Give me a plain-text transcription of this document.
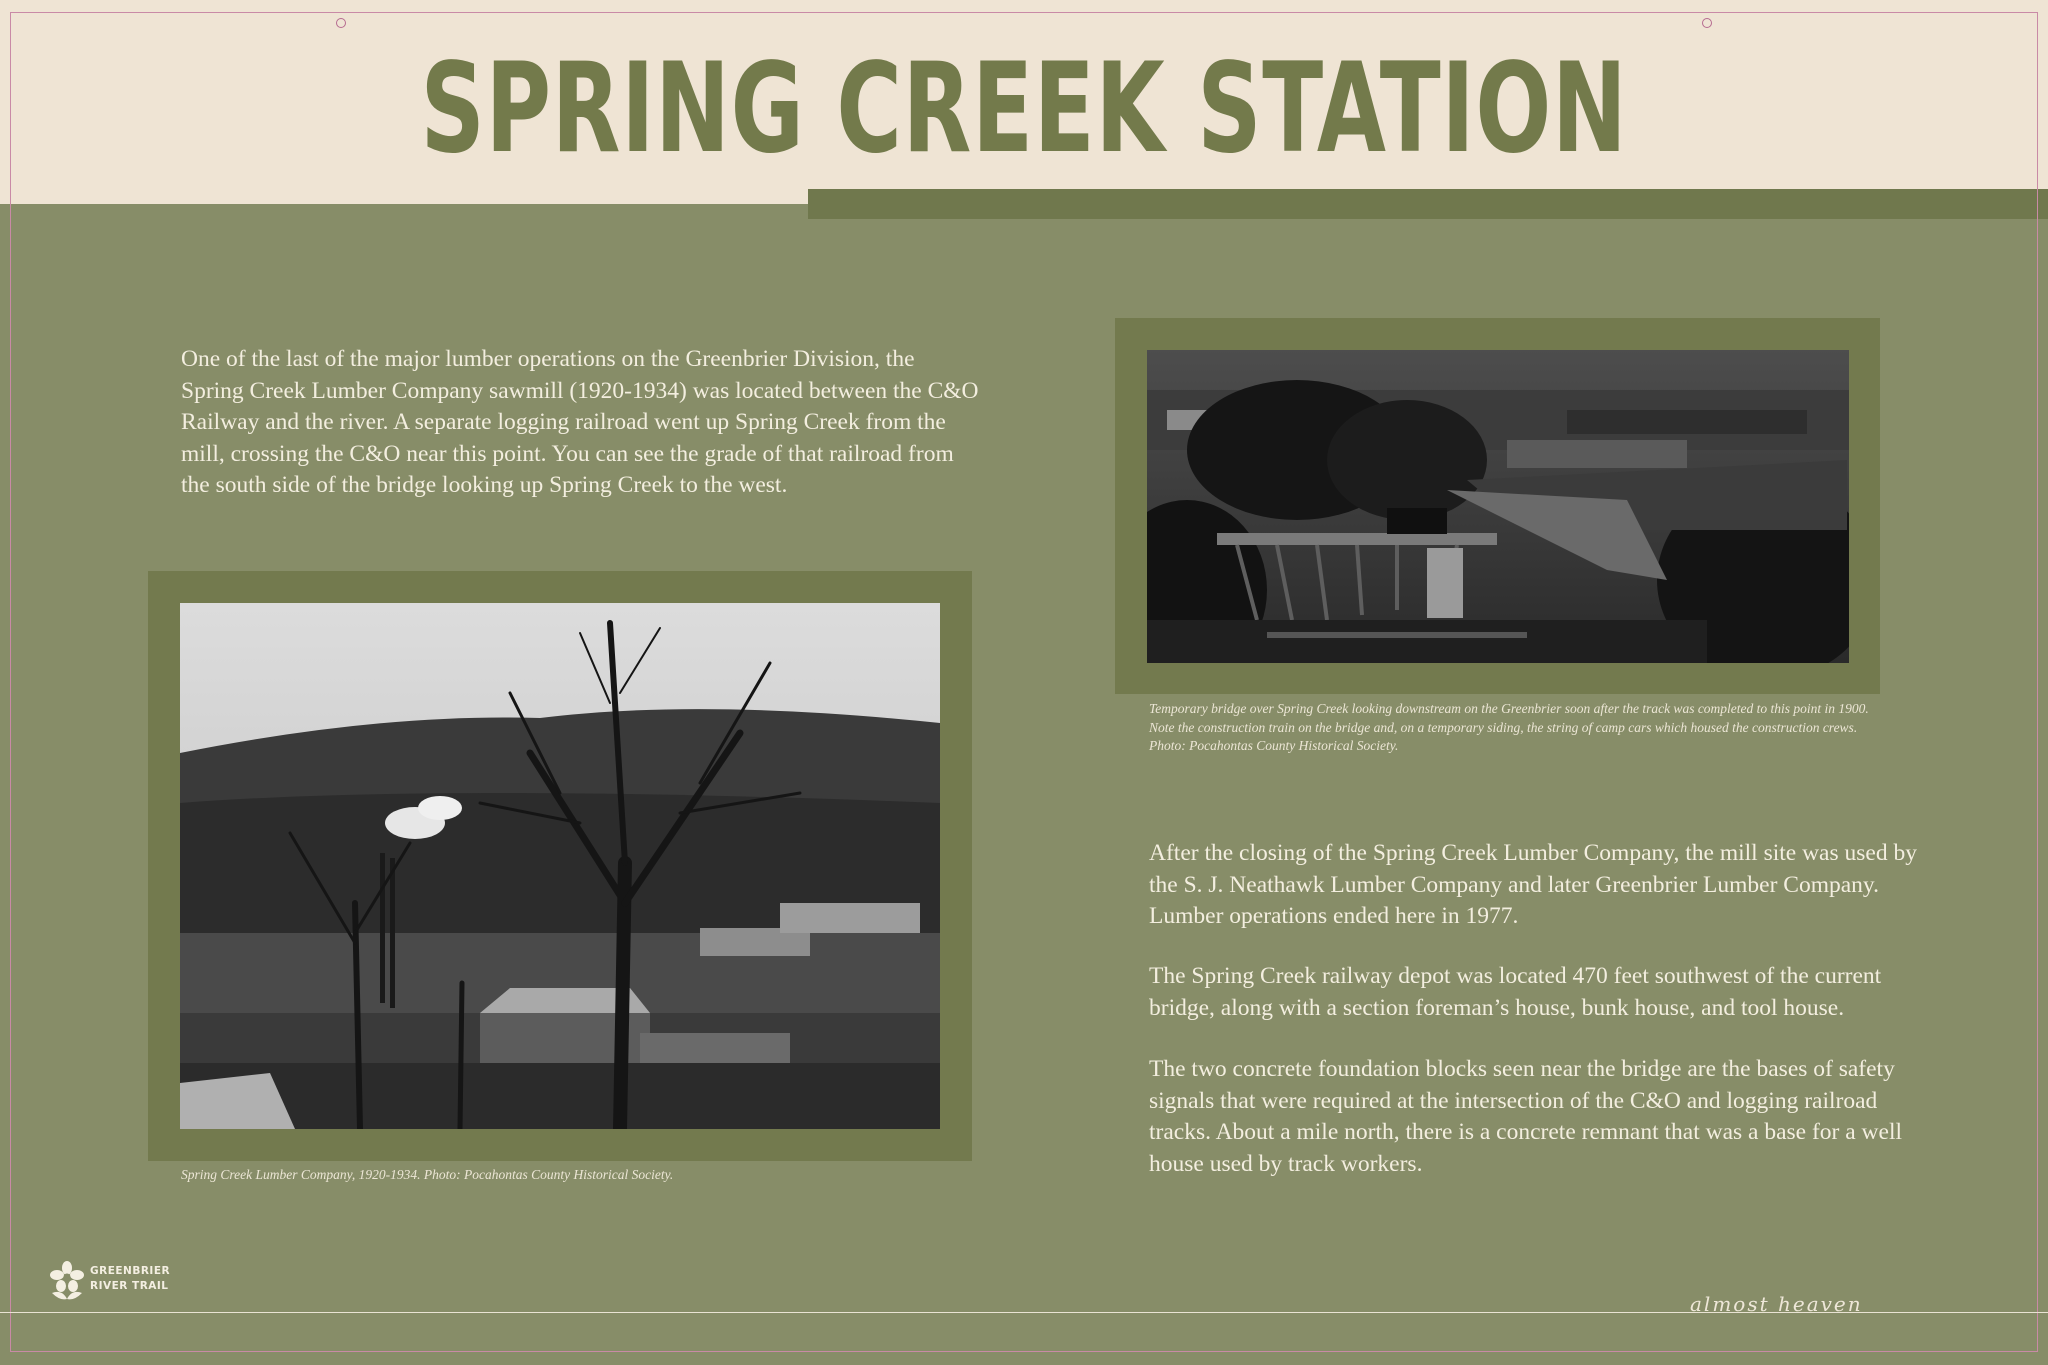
SPRING CREEK STATION

One of the last of the major lumber operations on the Greenbrier Division, the Spring Creek Lumber Company sawmill (1920-1934) was located between the C&O Railway and the river. A separate logging railroad went up Spring Creek from the mill, crossing the C&O near this point. You can see the grade of that railroad from the south side of the bridge looking up Spring Creek to the west.

Temporary bridge over Spring Creek looking downstream on the Greenbrier soon after the track was completed to this point in 1900. Note the construction train on the bridge and, on a temporary siding, the string of camp cars which housed the construction crews. Photo: Pocahontas County Historical Society.

Spring Creek Lumber Company, 1920-1934. Photo: Pocahontas County Historical Society.

After the closing of the Spring Creek Lumber Company, the mill site was used by the S. J. Neathawk Lumber Company and later Greenbrier Lumber Company. Lumber operations ended here in 1977.

The Spring Creek railway depot was located 470 feet southwest of the current bridge, along with a section foreman’s house, bunk house, and tool house.

The two concrete foundation blocks seen near the bridge are the bases of safety signals that were required at the intersection of the C&O and logging railroad tracks. About a mile north, there is a concrete remnant that was a base for a well house used by track workers.

GREENBRIER
RIVER TRAIL
almost heaven
